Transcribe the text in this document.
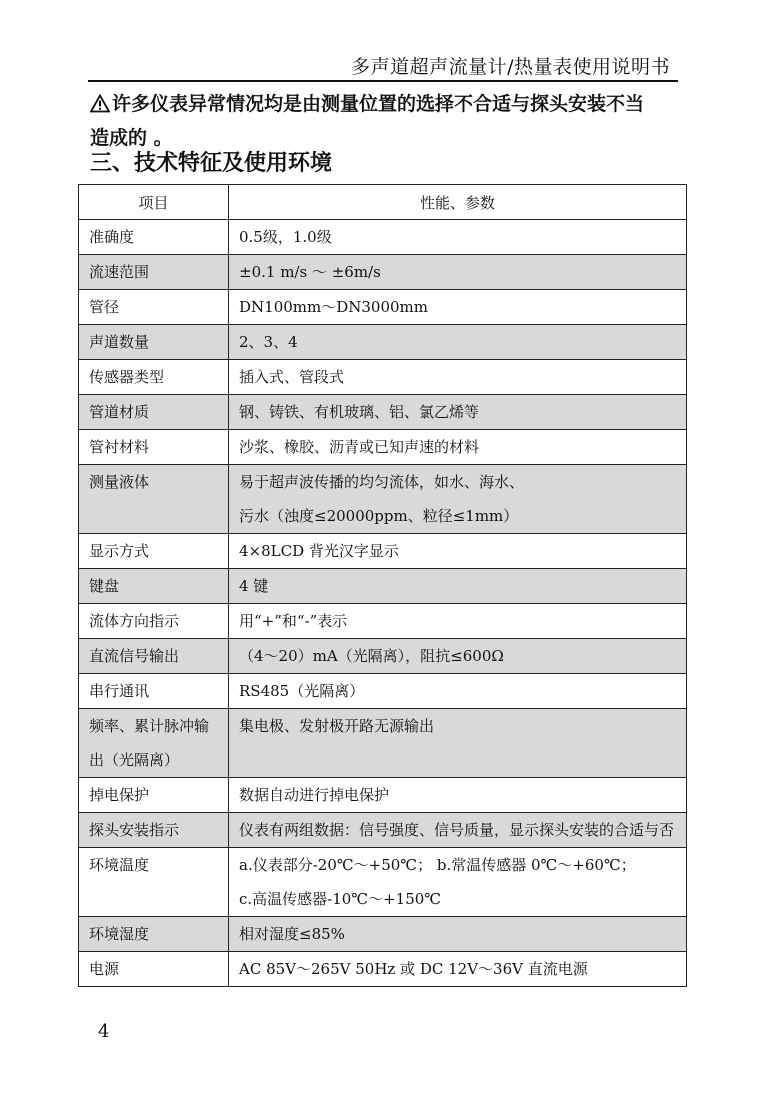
多声道超声流量计/热量表使用说明书
许多仪表异常情况均是由测量位置的选择不合适与探头安装不当
造成的 。
三、技术特征及使用环境
项目	性能、参数
准确度	0.5级，1.0级

流速范围	±0.1 m/s ～ ±6m/s

管径	DN100mm～DN3000mm

声道数量	2、3、4

传感器类型	插入式、管段式

管道材质	钢、铸铁、有机玻璃、铝、氯乙烯等

管衬材料	沙浆、橡胶、沥青或已知声速的材料

测量液体	易于超声波传播的均匀流体，如水、海水、
污水（浊度≤20000ppm、粒径≤1mm）

显示方式	4×8LCD 背光汉字显示

键盘	4 键

流体方向指示	用“+”和“-”表示

直流信号输出	（4～20）mA（光隔离），阻抗≤600Ω

串行通讯	RS485（光隔离）

频率、累计脉冲输出（光隔离）	集电极、发射极开路无源输出

掉电保护	数据自动进行掉电保护

探头安装指示	仪表有两组数据：信号强度、信号质量，显示探头安装的合适与否

环境温度	a.仪表部分-20℃～+50℃； b.常温传感器 0℃～+60℃；
c.高温传感器-10℃～+150℃

环境湿度	相对湿度≤85%

电源	AC 85V～265V 50Hz 或 DC 12V～36V 直流电源
4
